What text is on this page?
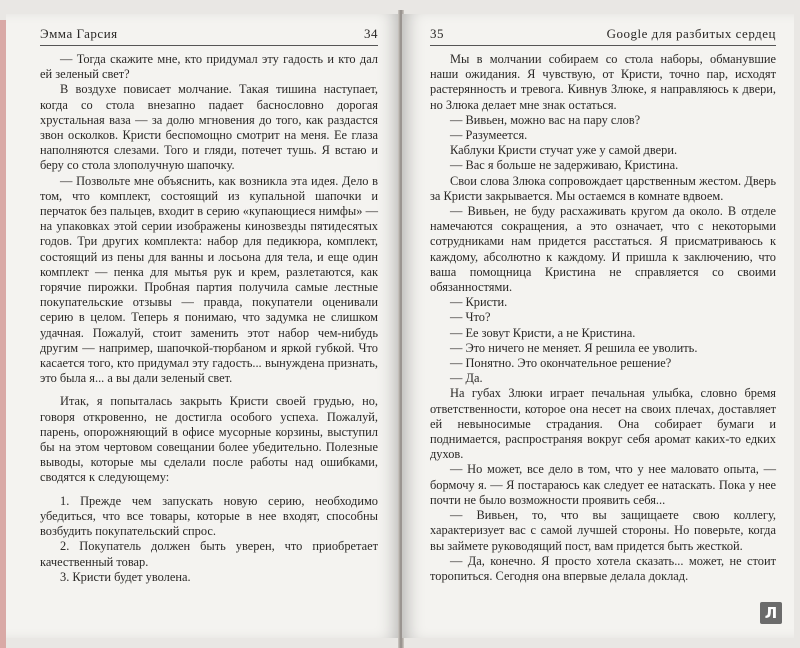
Эмма Гарсия	34

— Тогда скажите мне, кто придумал эту гадость и кто дал ей зеленый свет?

В воздухе повисает молчание. Такая тишина наступает, когда со стола внезапно падает баснословно дорогая хрустальная ваза — за долю мгновения до того, как раздастся звон осколков. Кристи беспомощно смотрит на меня. Ее глаза наполняются слезами. Того и гляди, потечет тушь. Я встаю и беру со стола злополучную шапочку.

— Позвольте мне объяснить, как возникла эта идея. Дело в том, что комплект, состоящий из купальной шапочки и перчаток без пальцев, входит в серию «купающиеся нимфы» — на упаковках этой серии изображены кинозвезды пятидесятых годов. Три других комплекта: набор для педикюра, комплект, состоящий из пены для ванны и лосьона для тела, и еще один комплект — пенка для мытья рук и крем, разлетаются, как горячие пирожки. Пробная партия получила самые лестные покупательские отзывы — правда, покупатели оценивали серию в целом. Теперь я понимаю, что задумка не слишком удачная. Пожалуй, стоит заменить этот набор чем-нибудь другим — например, шапочкой-тюрбаном и яркой губкой. Что касается того, кто придумал эту гадость... вынуждена признать, это была я... а вы дали зеленый свет.

Итак, я попыталась закрыть Кристи своей грудью, но, говоря откровенно, не достигла особого успеха. Пожалуй, парень, опорожняющий в офисе мусорные корзины, выступил бы на этом чертовом совещании более убедительно. Полезные выводы, которые мы сделали после работы над ошибками, сводятся к следующему:

1. Прежде чем запускать новую серию, необходимо убедиться, что все товары, которые в нее входят, способны возбудить покупательский спрос.

2. Покупатель должен быть уверен, что приобретает качественный товар.

3. Кристи будет уволена.

35	Google для разбитых сердец

Мы в молчании собираем со стола наборы, обманувшие наши ожидания. Я чувствую, от Кристи, точно пар, исходят растерянность и тревога. Кивнув Злюке, я направляюсь к двери, но Злюка делает мне знак остаться.

— Вивьен, можно вас на пару слов?

— Разумеется.

Каблуки Кристи стучат уже у самой двери.

— Вас я больше не задерживаю, Кристина.

Свои слова Злюка сопровождает царственным жестом. Дверь за Кристи закрывается. Мы остаемся в комнате вдвоем.

— Вивьен, не буду расхаживать кругом да около. В отделе намечаются сокращения, а это означает, что с некоторыми сотрудниками нам придется расстаться. Я присматриваюсь к каждому, абсолютно к каждому. И пришла к заключению, что ваша помощница Кристина не справляется со своими обязанностями.

— Кристи.

— Что?

— Ее зовут Кристи, а не Кристина.

— Это ничего не меняет. Я решила ее уволить.

— Понятно. Это окончательное решение?

— Да.

На губах Злюки играет печальная улыбка, словно бремя ответственности, которое она несет на своих плечах, доставляет ей невыносимые страдания. Она собирает бумаги и поднимается, распространяя вокруг себя аромат каких-то едких духов.

— Но может, все дело в том, что у нее маловато опыта, — бормочу я. — Я постараюсь как следует ее натаскать. Пока у нее почти не было возможности проявить себя...

— Вивьен, то, что вы защищаете свою коллегу, характеризует вас с самой лучшей стороны. Но поверьте, когда вы займете руководящий пост, вам придется быть жесткой.

— Да, конечно. Я просто хотела сказать... может, не стоит торопиться. Сегодня она впервые делала доклад.

Л
